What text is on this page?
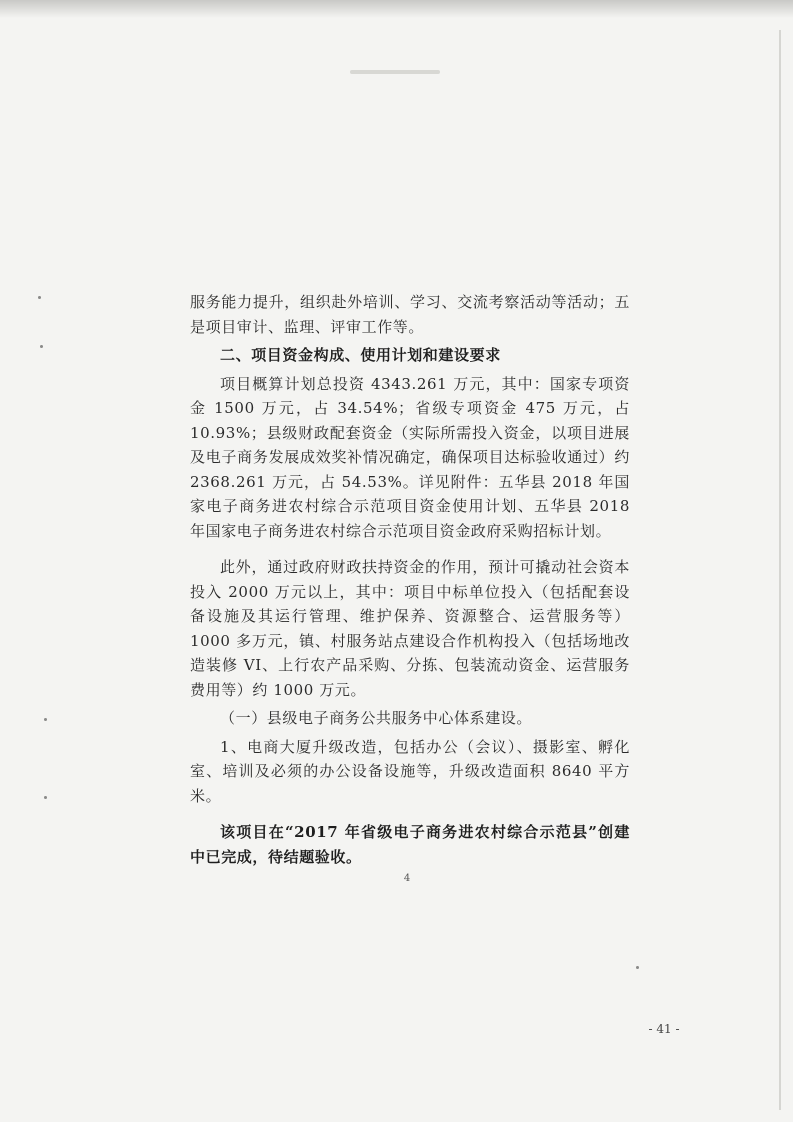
服务能力提升，组织赴外培训、学习、交流考察活动等活动；五是项目审计、监理、评审工作等。

二、项目资金构成、使用计划和建设要求

项目概算计划总投资 4343.261 万元，其中：国家专项资金 1500 万元，占 34.54%；省级专项资金 475 万元，占 10.93%；县级财政配套资金（实际所需投入资金，以项目进展及电子商务发展成效奖补情况确定，确保项目达标验收通过）约 2368.261 万元，占 54.53%。详见附件：五华县 2018 年国家电子商务进农村综合示范项目资金使用计划、五华县 2018 年国家电子商务进农村综合示范项目资金政府采购招标计划。

此外，通过政府财政扶持资金的作用，预计可撬动社会资本投入 2000 万元以上，其中：项目中标单位投入（包括配套设备设施及其运行管理、维护保养、资源整合、运营服务等）1000 多万元，镇、村服务站点建设合作机构投入（包括场地改造装修 VI、上行农产品采购、分拣、包装流动资金、运营服务费用等）约 1000 万元。

（一）县级电子商务公共服务中心体系建设。

1、电商大厦升级改造，包括办公（会议）、摄影室、孵化室、培训及必须的办公设备设施等，升级改造面积 8640 平方米。

该项目在“2017 年省级电子商务进农村综合示范县”创建中已完成，待结题验收。

4
- 41 -
